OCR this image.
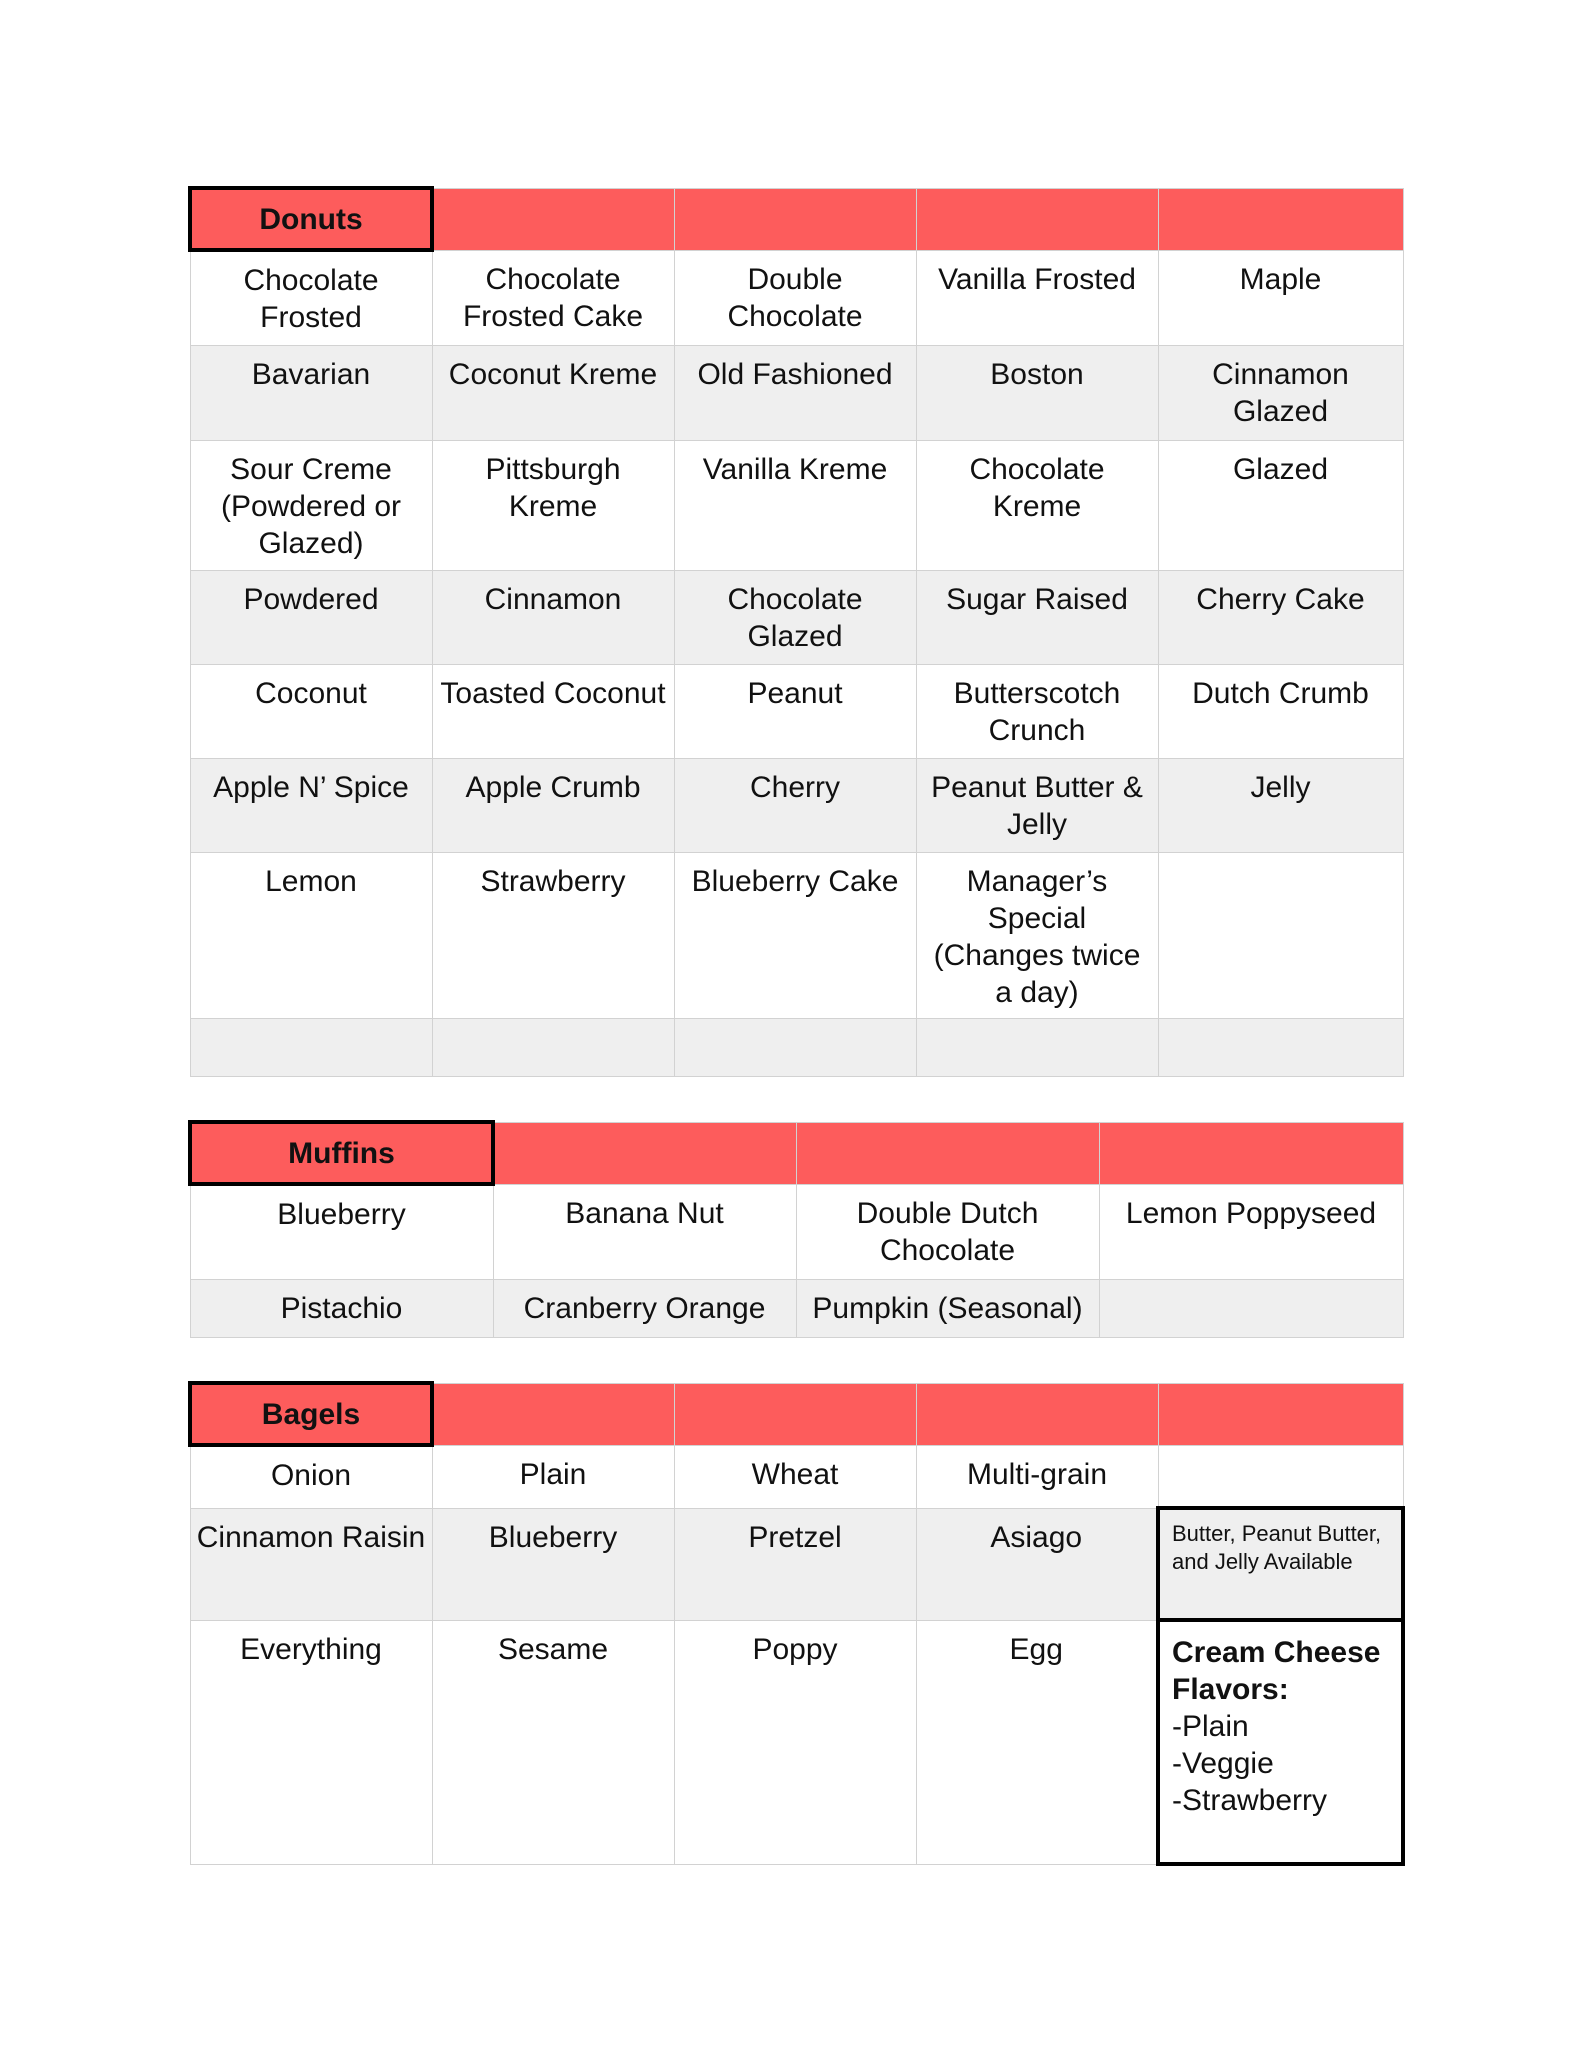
Donuts				
Chocolate Frosted	Chocolate Frosted Cake	Double Chocolate	Vanilla Frosted	Maple
Bavarian	Coconut Kreme	Old Fashioned	Boston	Cinnamon Glazed
Sour Creme (Powdered or Glazed)	Pittsburgh Kreme	Vanilla Kreme	Chocolate Kreme	Glazed
Powdered	Cinnamon	Chocolate Glazed	Sugar Raised	Cherry Cake
Coconut	Toasted Coconut	Peanut	Butterscotch Crunch	Dutch Crumb
Apple N’ Spice	Apple Crumb	Cherry	Peanut Butter & Jelly	Jelly
Lemon	Strawberry	Blueberry Cake	Manager’s Special (Changes twice a day)	

Muffins			
Blueberry	Banana Nut	Double Dutch Chocolate	Lemon Poppyseed
Pistachio	Cranberry Orange	Pumpkin (Seasonal)	
Bagels				
Onion	Plain	Wheat	Multi-grain	
Cinnamon Raisin	Blueberry	Pretzel	Asiago	Butter, Peanut Butter, and Jelly Available
Everything	Sesame	Poppy	Egg	Cream Cheese Flavors:
-Plain
-Veggie
-Strawberry
